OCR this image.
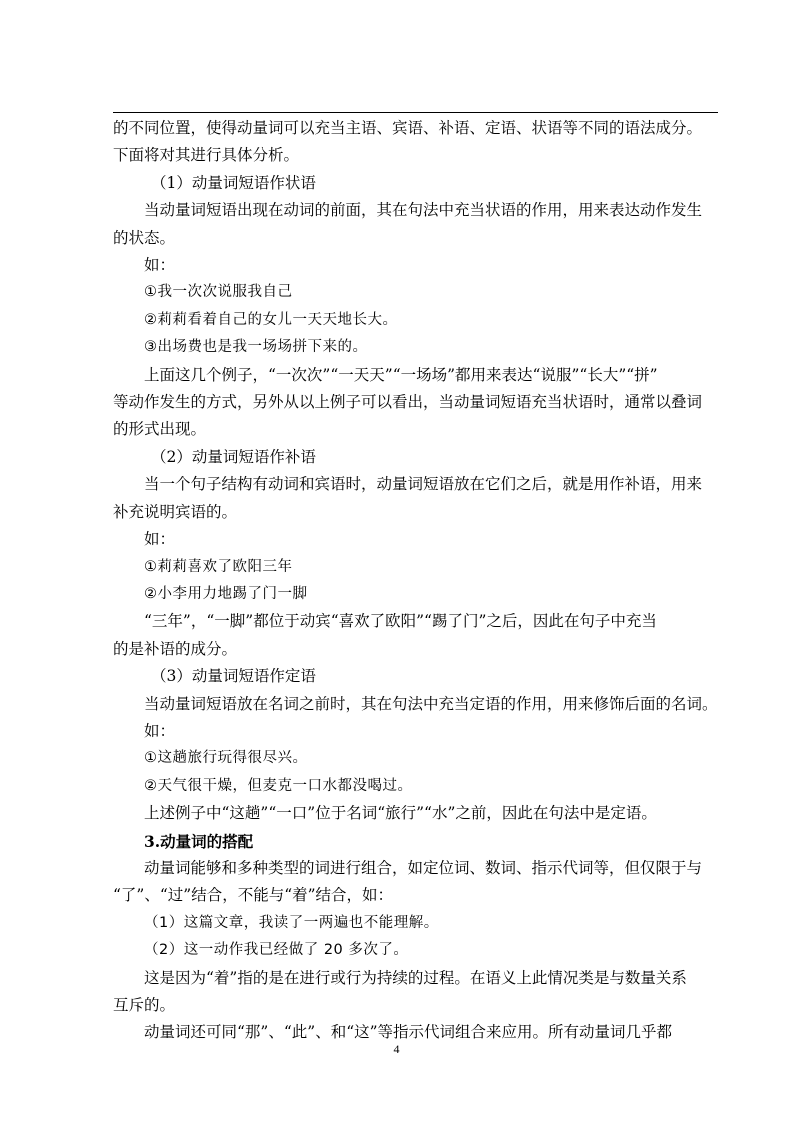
的不同位置，使得动量词可以充当主语、宾语、补语、定语、状语等不同的语法成分。

下面将对其进行具体分析。

（1）动量词短语作状语

当动量词短语出现在动词的前面，其在句法中充当状语的作用，用来表达动作发生

的状态。

如：

①我一次次说服我自己

②莉莉看着自己的女儿一天天地长大。

③出场费也是我一场场拼下来的。

上面这几个例子，“一次次”“一天天”“一场场”都用来表达“说服”“长大”“拼”

等动作发生的方式，另外从以上例子可以看出，当动量词短语充当状语时，通常以叠词

的形式出现。

（2）动量词短语作补语

当一个句子结构有动词和宾语时，动量词短语放在它们之后，就是用作补语，用来

补充说明宾语的。

如：

①莉莉喜欢了欧阳三年

②小李用力地踢了门一脚

“三年”，“一脚”都位于动宾“喜欢了欧阳”“踢了门”之后，因此在句子中充当

的是补语的成分。

（3）动量词短语作定语

当动量词短语放在名词之前时，其在句法中充当定语的作用，用来修饰后面的名词。

如：

①这趟旅行玩得很尽兴。

②天气很干燥，但麦克一口水都没喝过。

上述例子中“这趟”“一口”位于名词“旅行”“水”之前，因此在句法中是定语。

3.动量词的搭配

动量词能够和多种类型的词进行组合，如定位词、数词、指示代词等，但仅限于与

“了”、“过”结合，不能与“着”结合，如：

（1）这篇文章，我读了一两遍也不能理解。

（2）这一动作我已经做了 20 多次了。

这是因为“着”指的是在进行或行为持续的过程。在语义上此情况类是与数量关系

互斥的。

动量词还可同“那”、“此”、和“这”等指示代词组合来应用。所有动量词几乎都

4
